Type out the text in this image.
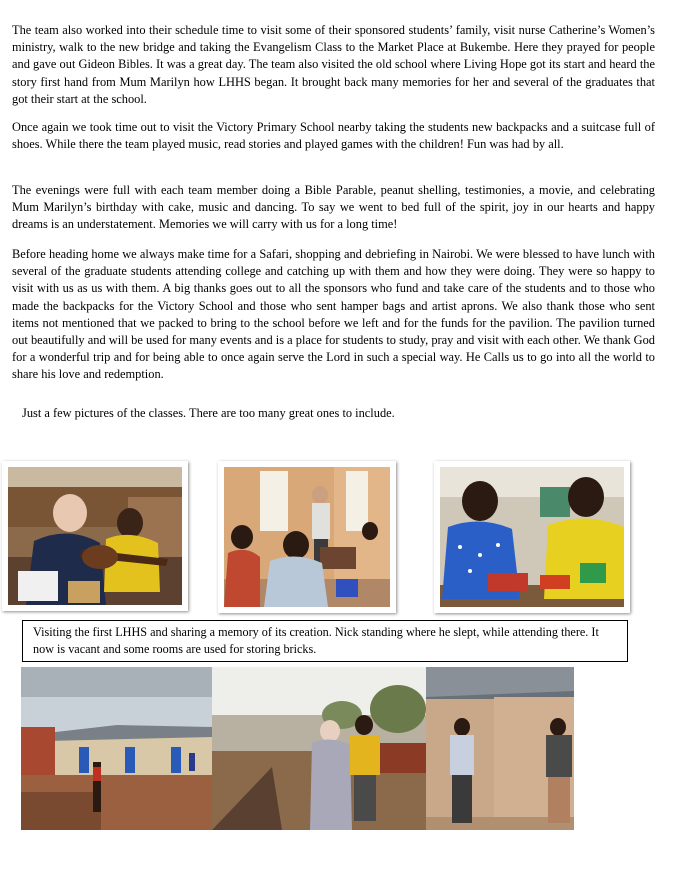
The team also worked into their schedule time to visit some of their sponsored students’ family, visit nurse Catherine’s Women’s ministry, walk to the new bridge and taking the Evangelism Class to the Market Place at Bukembe. Here they prayed for people and gave out Gideon Bibles. It was a great day. The team also visited the old school where Living Hope got its start and heard the story first hand from Mum Marilyn how LHHS began. It brought back many memories for her and several of the graduates that got their start at the school.

Once again we took time out to visit the Victory Primary School nearby taking the students new backpacks and a suitcase full of shoes. While there the team played music, read stories and played games with the children! Fun was had by all.

The evenings were full with each team member doing a Bible Parable, peanut shelling, testimonies, a movie, and celebrating Mum Marilyn’s birthday with cake, music and dancing. To say we went to bed full of the spirit, joy in our hearts and happy dreams is an understatement. Memories we will carry with us for a long time!

Before heading home we always make time for a Safari, shopping and debriefing in Nairobi. We were blessed to have lunch with several of the graduate students attending college and catching up with them and how they were doing. They were so happy to visit with us as us with them. A big thanks goes out to all the sponsors who fund and take care of the students and to those who made the backpacks for the Victory School and those who sent hamper bags and artist aprons. We also thank those who sent items not mentioned that we packed to bring to the school before we left and for the funds for the pavilion. The pavilion turned out beautifully and will be used for many events and is a place for students to study, pray and visit with each other. We thank God for a wonderful trip and for being able to once again serve the Lord in such a special way. He Calls us to go into all the world to share his love and redemption.

Just a few pictures of the classes. There are too many great ones to include.

Visiting the first LHHS and sharing a memory of its creation. Nick standing where he slept, while attending there. It now is vacant and some rooms are used for storing bricks.
